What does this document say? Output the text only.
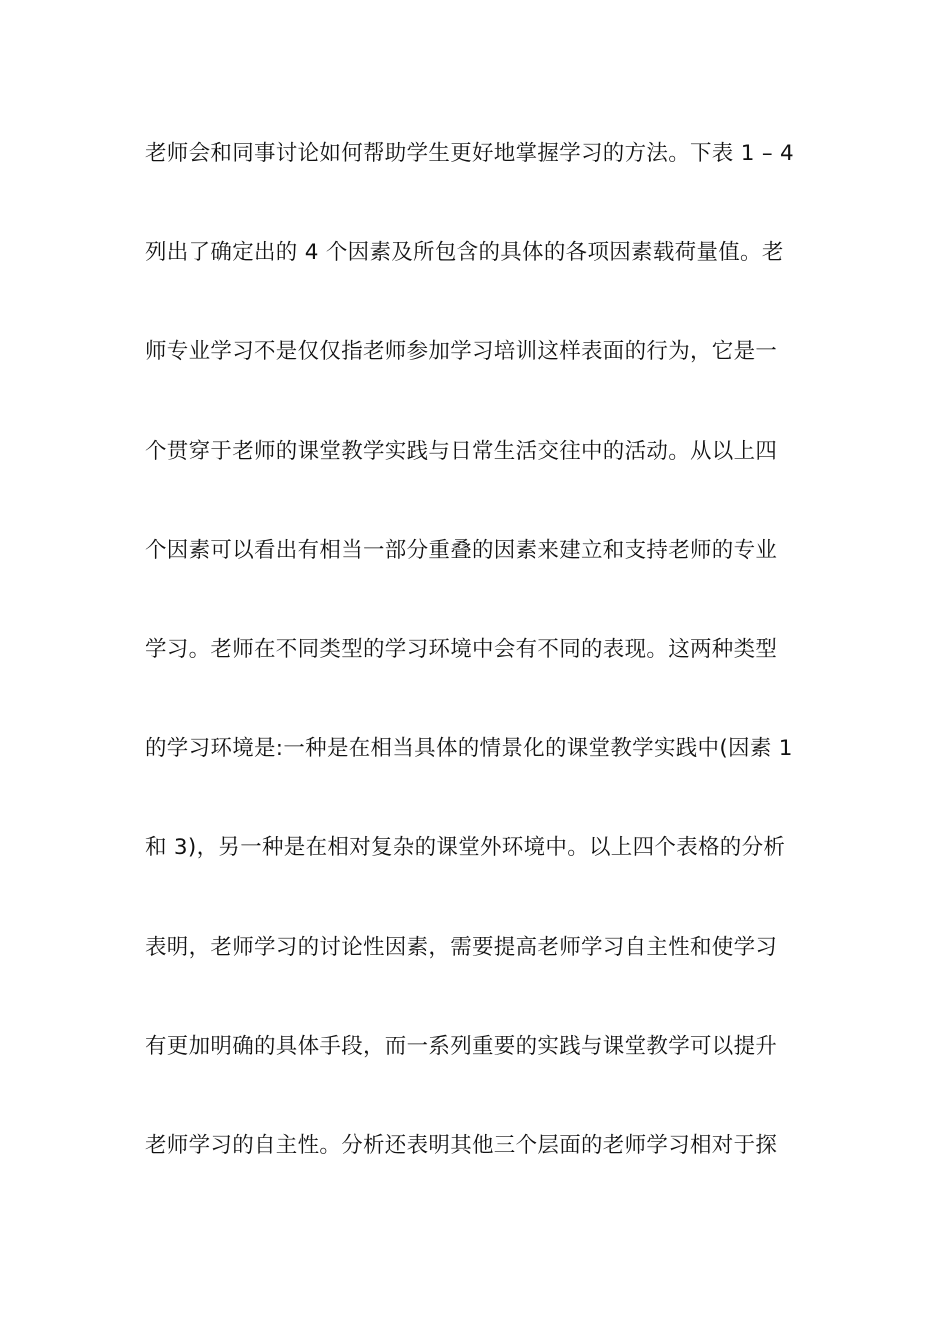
老师会和同事讨论如何帮助学生更好地掌握学习的方法。下表 1 – 4
列出了确定出的 4 个因素及所包含的具体的各项因素载荷量值。老
师专业学习不是仅仅指老师参加学习培训这样表面的行为，它是一
个贯穿于老师的课堂教学实践与日常生活交往中的活动。从以上四
个因素可以看出有相当一部分重叠的因素来建立和支持老师的专业
学习。老师在不同类型的学习环境中会有不同的表现。这两种类型
的学习环境是:一种是在相当具体的情景化的课堂教学实践中(因素 1
和 3)，另一种是在相对复杂的课堂外环境中。以上四个表格的分析
表明，老师学习的讨论性因素，需要提高老师学习自主性和使学习
有更加明确的具体手段，而一系列重要的实践与课堂教学可以提升
老师学习的自主性。分析还表明其他三个层面的老师学习相对于探
